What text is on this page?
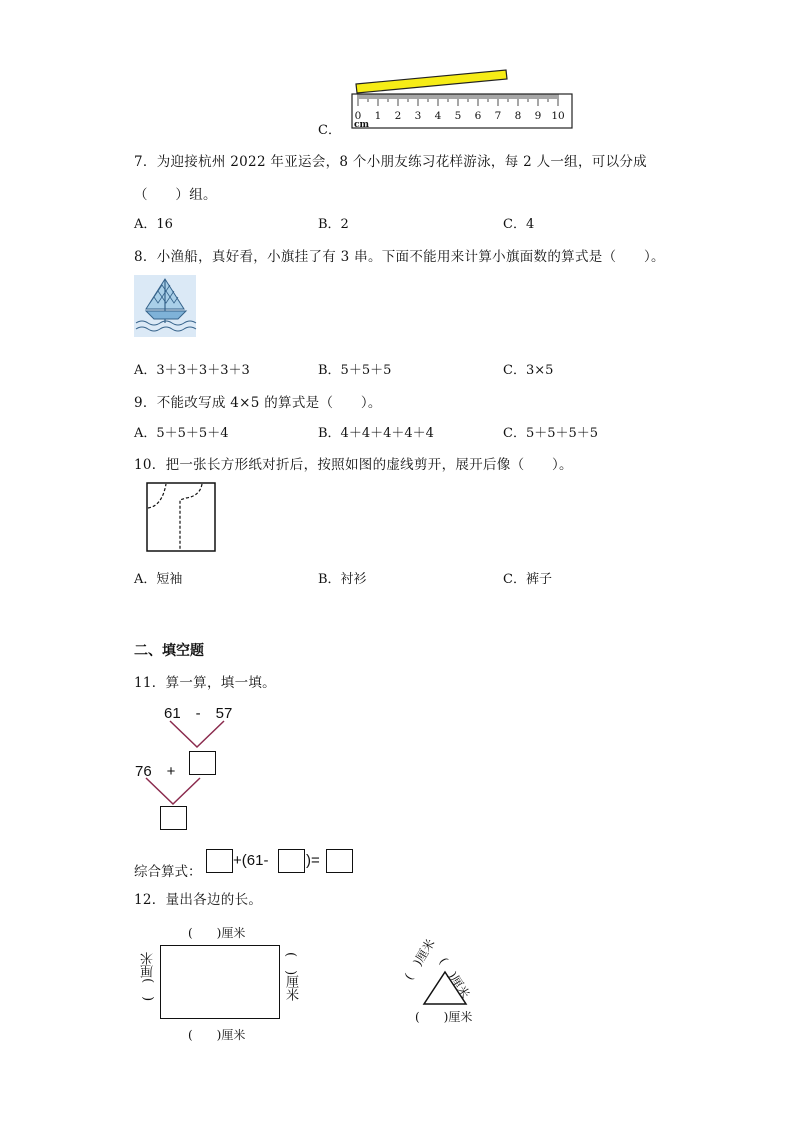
C．
0 1 2 3 4 5 6 7 8 9 10
cm
7．为迎接杭州 2022 年亚运会，8 个小朋友练习花样游泳，每 2 人一组，可以分成
（　　）组。
A．16	B．2	C．4
8．小渔船，真好看，小旗挂了有 3 串。下面不能用来计算小旗面数的算式是（　　）。
A．3＋3＋3＋3＋3	B．5＋5＋5	C．3×5
9．不能改写成 4×5 的算式是（　　）。
A．5＋5＋5＋4	B．4＋4＋4＋4＋4	C．5＋5＋5＋5
10．把一张长方形纸对折后，按照如图的虚线剪开，展开后像（　　）。
A．短袖	B．衬衫	C．裤子
二、填空题
11．算一算，填一填。
61　-　57
76　+
综合算式：
+(61-	)=
12．量出各边的长。
(　　)厘米
(　)厘米	(　)厘米
(　　)厘米
(　)厘米
(　)厘米
(　　)厘米
